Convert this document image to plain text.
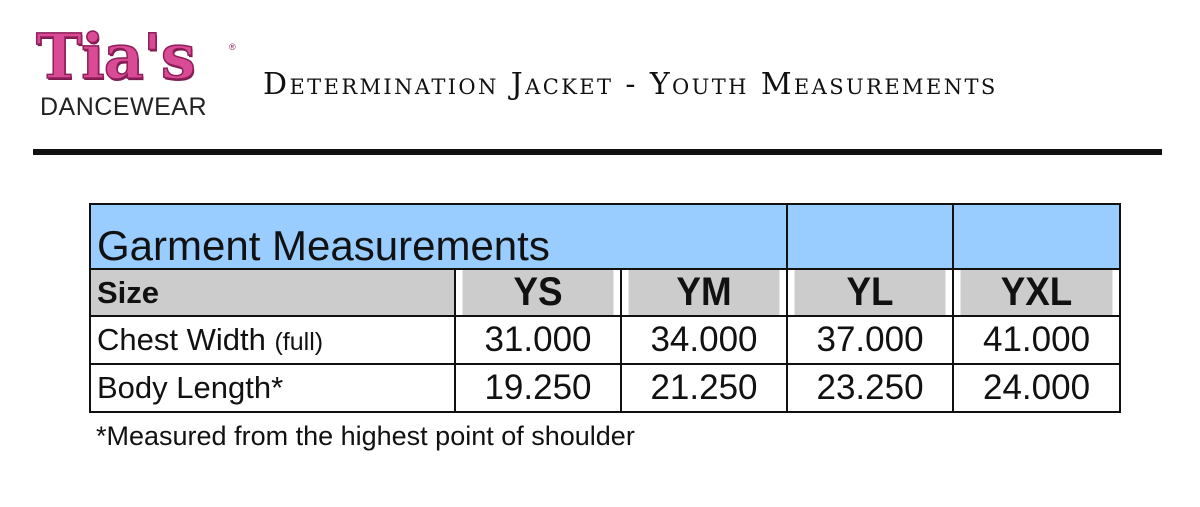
Tia's	®
DANCEWEAR
Determination Jacket - Youth Measurements
Garment Measurements				
Size	YS	YM	YL	YXL
Chest Width (full)	31.000	34.000	37.000	41.000
Body Length*	19.250	21.250	23.250	24.000
*Measured from the highest point of shoulder
